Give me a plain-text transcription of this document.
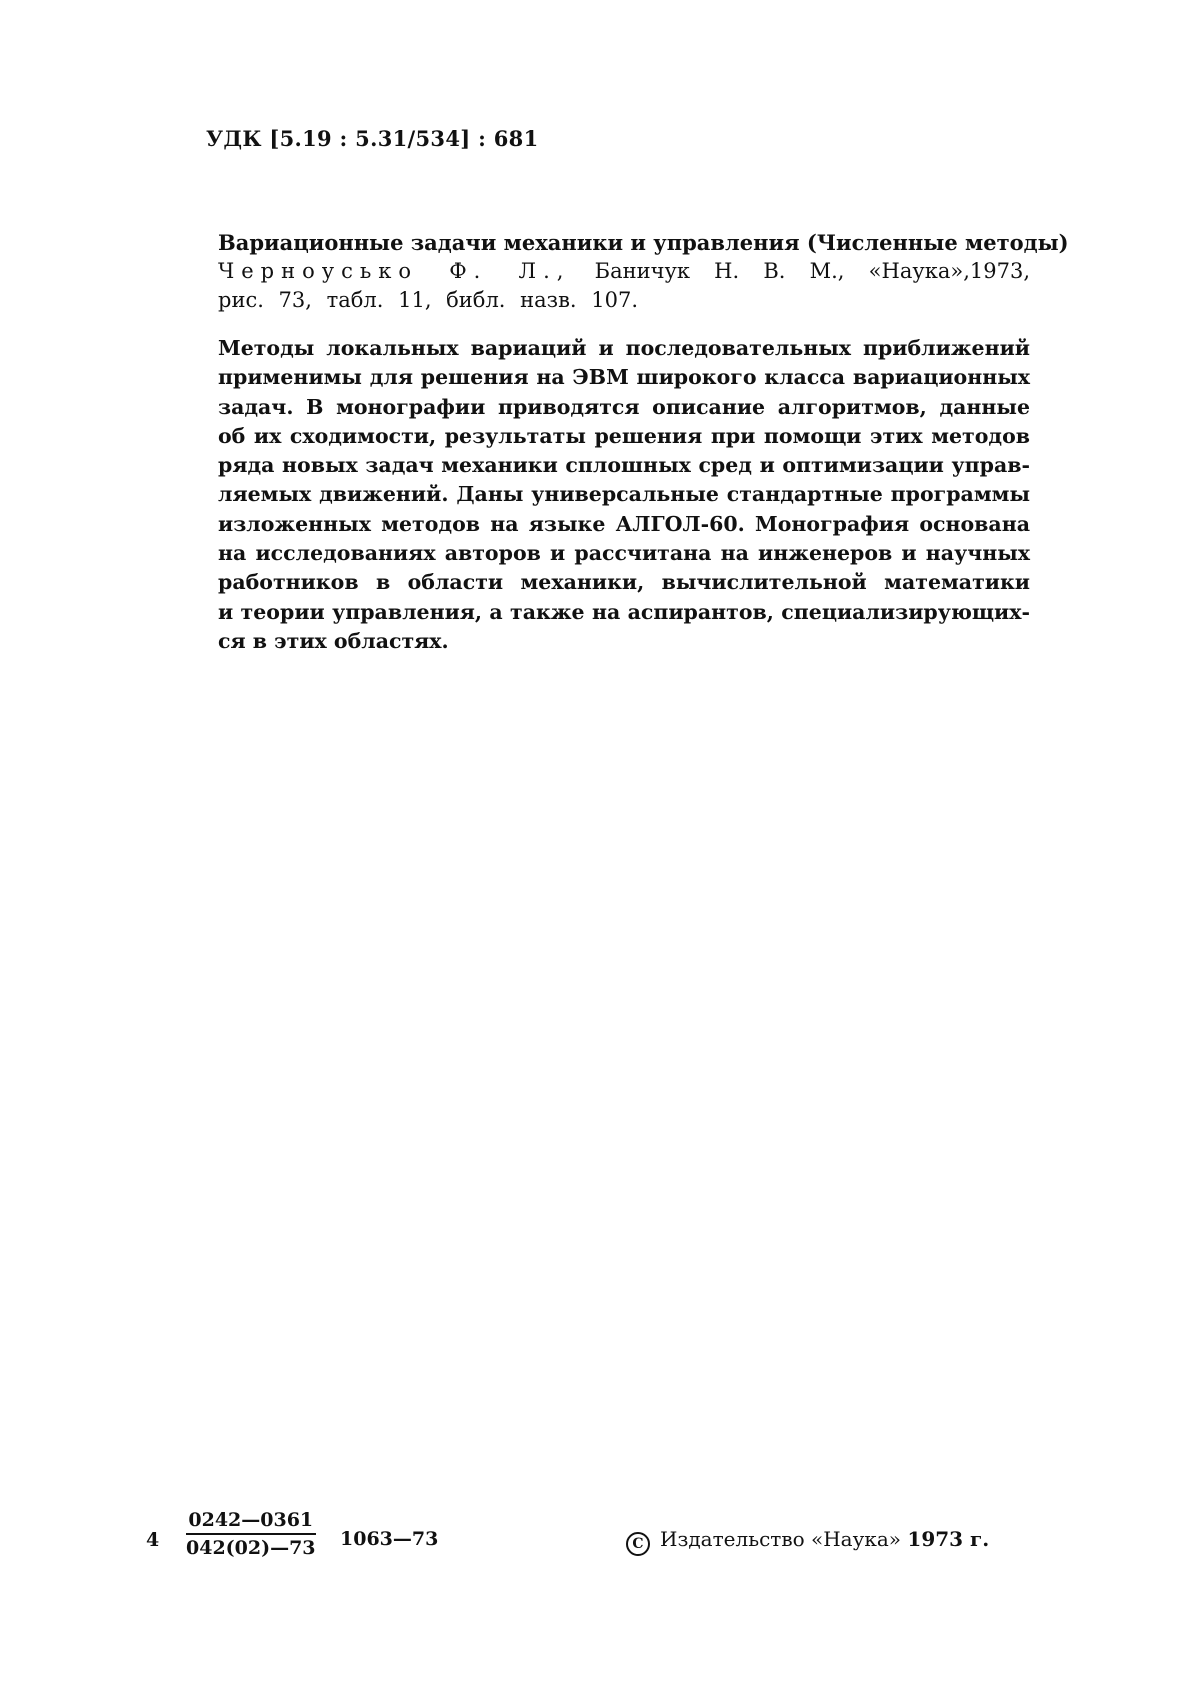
УДК [5.19 : 5.31/534] : 681
Вариационные задачи механики и управления (Численные методы)
Черноусько Ф. Л., Баничук Н. В. М., «Наука»,1973,
рис. 73, табл. 11, библ. назв. 107.
Методы локальных вариаций и последовательных приближений
применимы для решения на ЭВМ широкого класса вариационных
задач. В монографии приводятся описание алгоритмов, данные
об их сходимости, результаты решения при помощи этих методов
ряда новых задач механики сплошных сред и оптимизации управ-
ляемых движений. Даны универсальные стандартные программы
изложенных методов на языке АЛГОЛ-60. Монография основана
на исследованиях авторов и рассчитана на инженеров и научных
работников в области механики, вычислительной математики
и теории управления, а также на аспирантов, специализирующих-
ся в этих областях.
$4 \frac{0242—0361}{042(02)—73}$ 1063—73	C Издательство «Наука» 1973 г.
